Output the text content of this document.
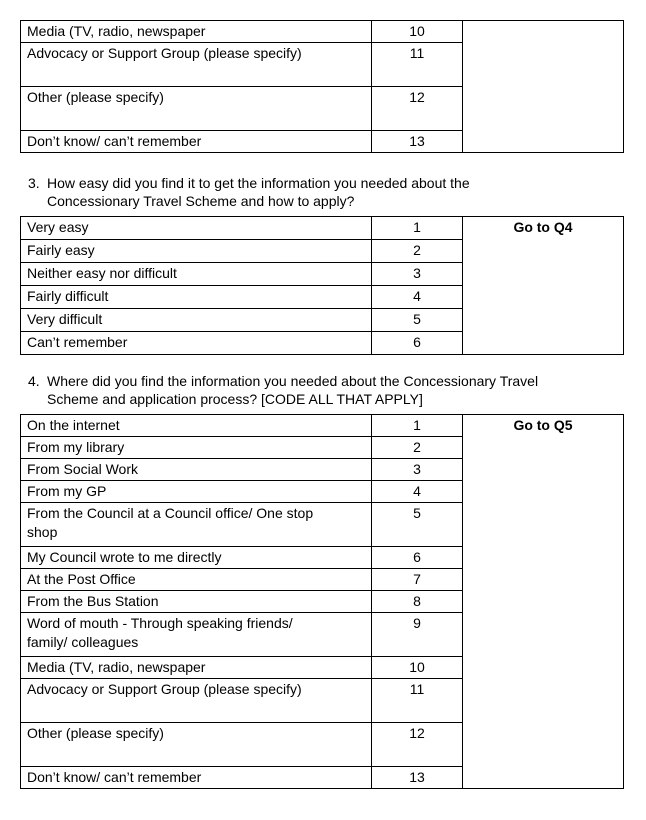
Media (TV, radio, newspaper	10	
Advocacy or Support Group (please specify)	11	
Other (please specify)	12	
Don’t know/ can’t remember	13	
3. How easy did you find it to get the information you needed about the
Concessionary Travel Scheme and how to apply?
Very easy	1	Go to Q4
Fairly easy	2	
Neither easy nor difficult	3	
Fairly difficult	4	
Very difficult	5	
Can’t remember	6	
4. Where did you find the information you needed about the Concessionary Travel
Scheme and application process? [CODE ALL THAT APPLY]
On the internet	1	Go to Q5
From my library	2	
From Social Work	3	
From my GP	4	
From the Council at a Council office/ One stop
shop	5	
My Council wrote to me directly	6	
At the Post Office	7	
From the Bus Station	8	
Word of mouth - Through speaking friends/
family/ colleagues	9	
Media (TV, radio, newspaper	10	
Advocacy or Support Group (please specify)	11	
Other (please specify)	12	
Don’t know/ can’t remember	13	
